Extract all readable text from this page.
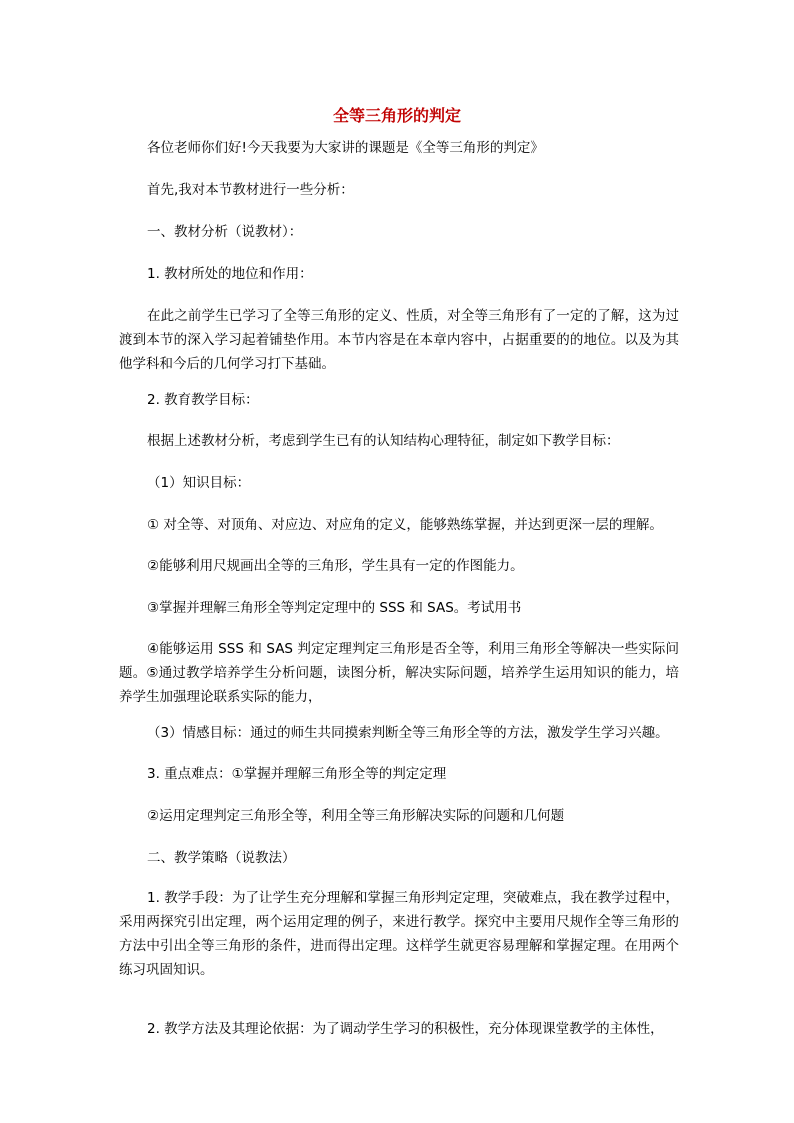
全等三角形的判定
各位老师你们好!今天我要为大家讲的课题是《全等三角形的判定》
首先,我对本节教材进行一些分析：
一、教材分析（说教材）：
1. 教材所处的地位和作用：
在此之前学生已学习了全等三角形的定义、性质，对全等三角形有了一定的了解，这为过渡到本节的深入学习起着铺垫作用。本节内容是在本章内容中，占据重要的的地位。以及为其他学科和今后的几何学习打下基础。
2. 教育教学目标：
根据上述教材分析，考虑到学生已有的认知结构心理特征，制定如下教学目标：
（1）知识目标：
① 对全等、对顶角、对应边、对应角的定义，能够熟练掌握，并达到更深一层的理解。
②能够利用尺规画出全等的三角形，学生具有一定的作图能力。
③掌握并理解三角形全等判定定理中的 SSS 和 SAS。考试用书
④能够运用 SSS 和 SAS 判定定理判定三角形是否全等，利用三角形全等解决一些实际问题。⑤通过教学培养学生分析问题，读图分析，解决实际问题，培养学生运用知识的能力，培养学生加强理论联系实际的能力，
（3）情感目标：通过的师生共同摸索判断全等三角形全等的方法，激发学生学习兴趣。
3. 重点难点：①掌握并理解三角形全等的判定定理
②运用定理判定三角形全等，利用全等三角形解决实际的问题和几何题
二、教学策略（说教法）
1. 教学手段：为了让学生充分理解和掌握三角形判定定理，突破难点，我在教学过程中，采用两探究引出定理，两个运用定理的例子，来进行教学。探究中主要用尺规作全等三角形的方法中引出全等三角形的条件，进而得出定理。这样学生就更容易理解和掌握定理。在用两个练习巩固知识。
2. 教学方法及其理论依据：为了调动学生学习的积极性，充分体现课堂教学的主体性，
